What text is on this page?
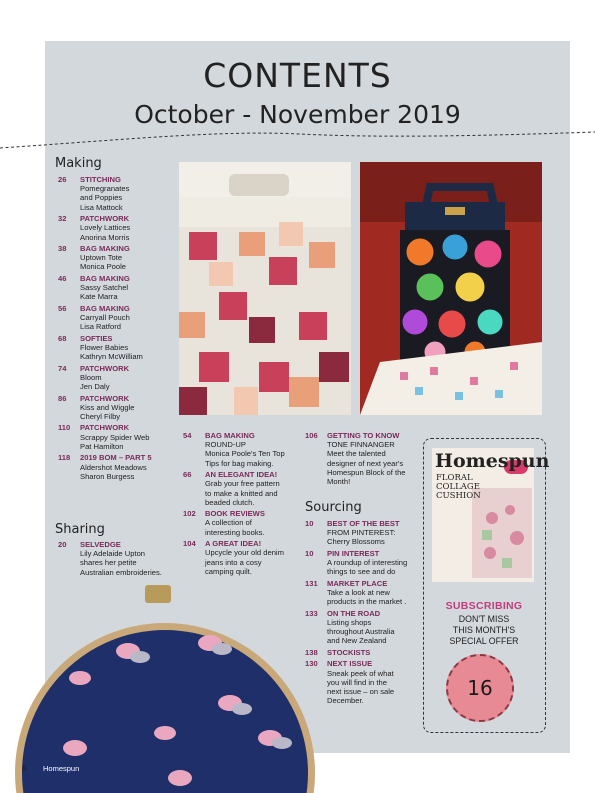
CONTENTS
October - November 2019
Making
26	STITCHING
Pomegranates
and Poppies
Lisa Mattock
32	PATCHWORK
Lovely Lattices
Anorina Morris
38	BAG MAKING
Uptown Tote
Monica Poole
46	BAG MAKING
Sassy Satchel
Kate Marra
56	BAG MAKING
Carryall Pouch
Lisa Ratford
68	SOFTIES
Flower Babies
Kathryn McWilliam
74	PATCHWORK
Bloom
Jen Daly
86	PATCHWORK
Kiss and Wiggle
Cheryl Filby
110	PATCHWORK
Scrappy Spider Web
Pat Hamilton
118	2019 BOM – PART 5
Aldershot Meadows
Sharon Burgess
Sharing
20	SELVEDGE
Lily Adelaide Upton
shares her petite
Australian embroideries.
54	BAG MAKING
ROUND-UP
Monica Poole's Ten Top
Tips for bag making.
66	AN ELEGANT IDEA!
Grab your free pattern
to make a knitted and
beaded clutch.
102	BOOK REVIEWS
A collection of
interesting books.
104	A GREAT IDEA!
Upcycle your old denim
jeans into a cosy
camping quilt.
106	GETTING TO KNOW
TONE FINNANGER
Meet the talented
designer of next year's
Homespun Block of the
Month!
Sourcing
10	BEST OF THE BEST
FROM PINTEREST:
Cherry Blossoms
10	PIN INTEREST
A roundup of interesting
things to see and do
131	MARKET PLACE
Take a look at new
products in the market .
133	ON THE ROAD
Listing shops
throughout Australia
and New Zealand
138	STOCKISTS
130	NEXT ISSUE
Sneak peek of what
you will find in the
next issue – on sale
December.
Homespun
FLORAL
COLLAGE
CUSHION
SUBSCRIBING
DON'T MISS
THIS MONTH'S
SPECIAL OFFER
16
8 Homespun
